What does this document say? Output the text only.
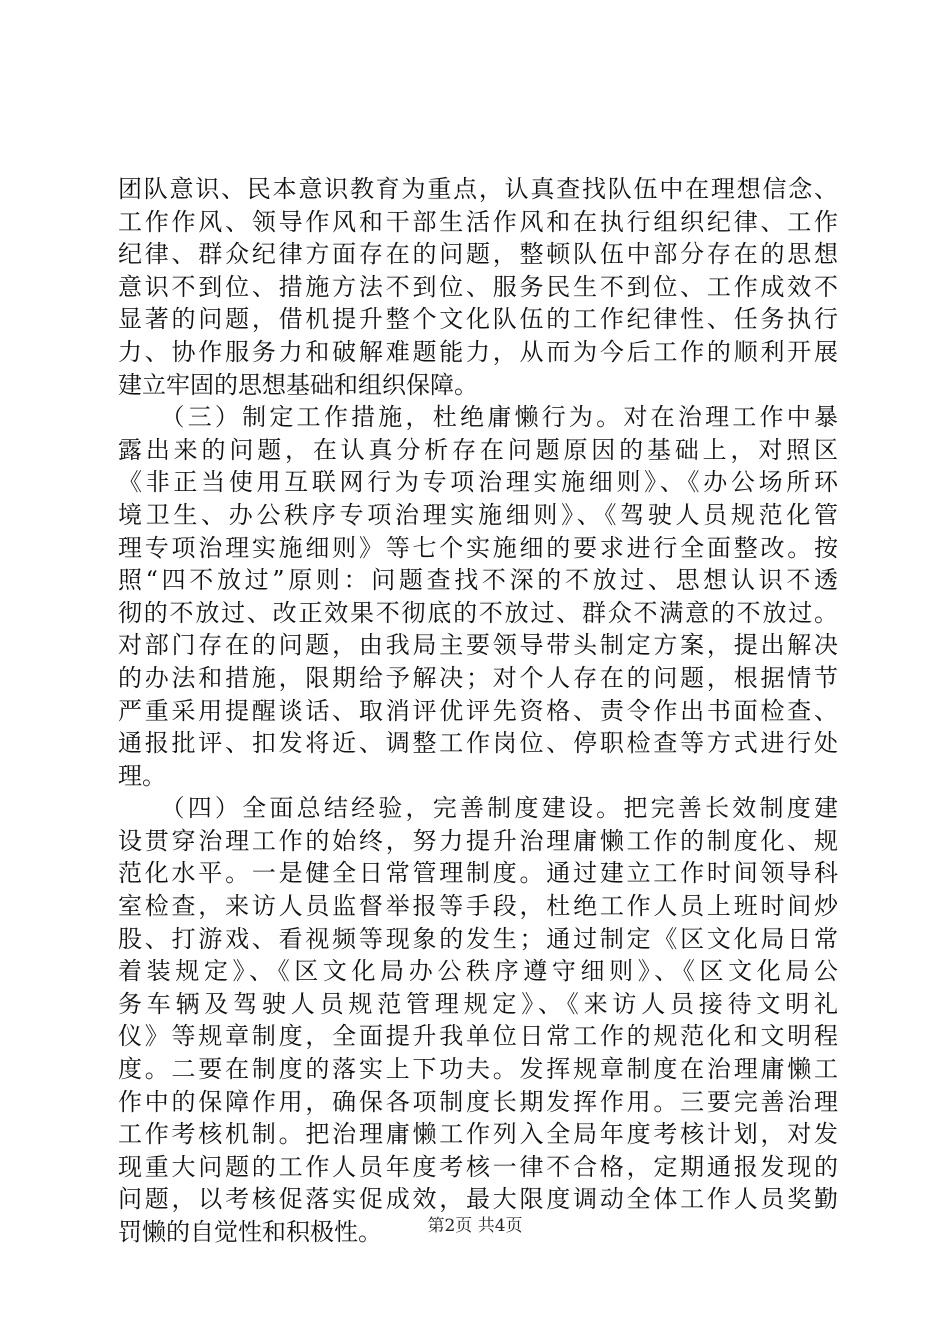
团队意识、民本意识教育为重点，认真查找队伍中在理想信念、
工作作风、领导作风和干部生活作风和在执行组织纪律、工作
纪律、群众纪律方面存在的问题，整顿队伍中部分存在的思想
意识不到位、措施方法不到位、服务民生不到位、工作成效不
显著的问题，借机提升整个文化队伍的工作纪律性、任务执行
力、协作服务力和破解难题能力，从而为今后工作的顺利开展
建立牢固的思想基础和组织保障。
　　（三）制定工作措施，杜绝庸懒行为。对在治理工作中暴
露出来的问题，在认真分析存在问题原因的基础上，对照区
《非正当使用互联网行为专项治理实施细则》、《办公场所环
境卫生、办公秩序专项治理实施细则》、《驾驶人员规范化管
理专项治理实施细则》等七个实施细的要求进行全面整改。按
照“四不放过”原则：问题查找不深的不放过、思想认识不透
彻的不放过、改正效果不彻底的不放过、群众不满意的不放过。
对部门存在的问题，由我局主要领导带头制定方案，提出解决
的办法和措施，限期给予解决；对个人存在的问题，根据情节
严重采用提醒谈话、取消评优评先资格、责令作出书面检查、
通报批评、扣发将近、调整工作岗位、停职检查等方式进行处
理。
　　（四）全面总结经验，完善制度建设。把完善长效制度建
设贯穿治理工作的始终，努力提升治理庸懒工作的制度化、规
范化水平。一是健全日常管理制度。通过建立工作时间领导科
室检查，来访人员监督举报等手段，杜绝工作人员上班时间炒
股、打游戏、看视频等现象的发生；通过制定《区文化局日常
着装规定》、《区文化局办公秩序遵守细则》、《区文化局公
务车辆及驾驶人员规范管理规定》、《来访人员接待文明礼
仪》等规章制度，全面提升我单位日常工作的规范化和文明程
度。二要在制度的落实上下功夫。发挥规章制度在治理庸懒工
作中的保障作用，确保各项制度长期发挥作用。三要完善治理
工作考核机制。把治理庸懒工作列入全局年度考核计划，对发
现重大问题的工作人员年度考核一律不合格，定期通报发现的
问题，以考核促落实促成效，最大限度调动全体工作人员奖勤
罚懒的自觉性和积极性。	第2页 共4页
